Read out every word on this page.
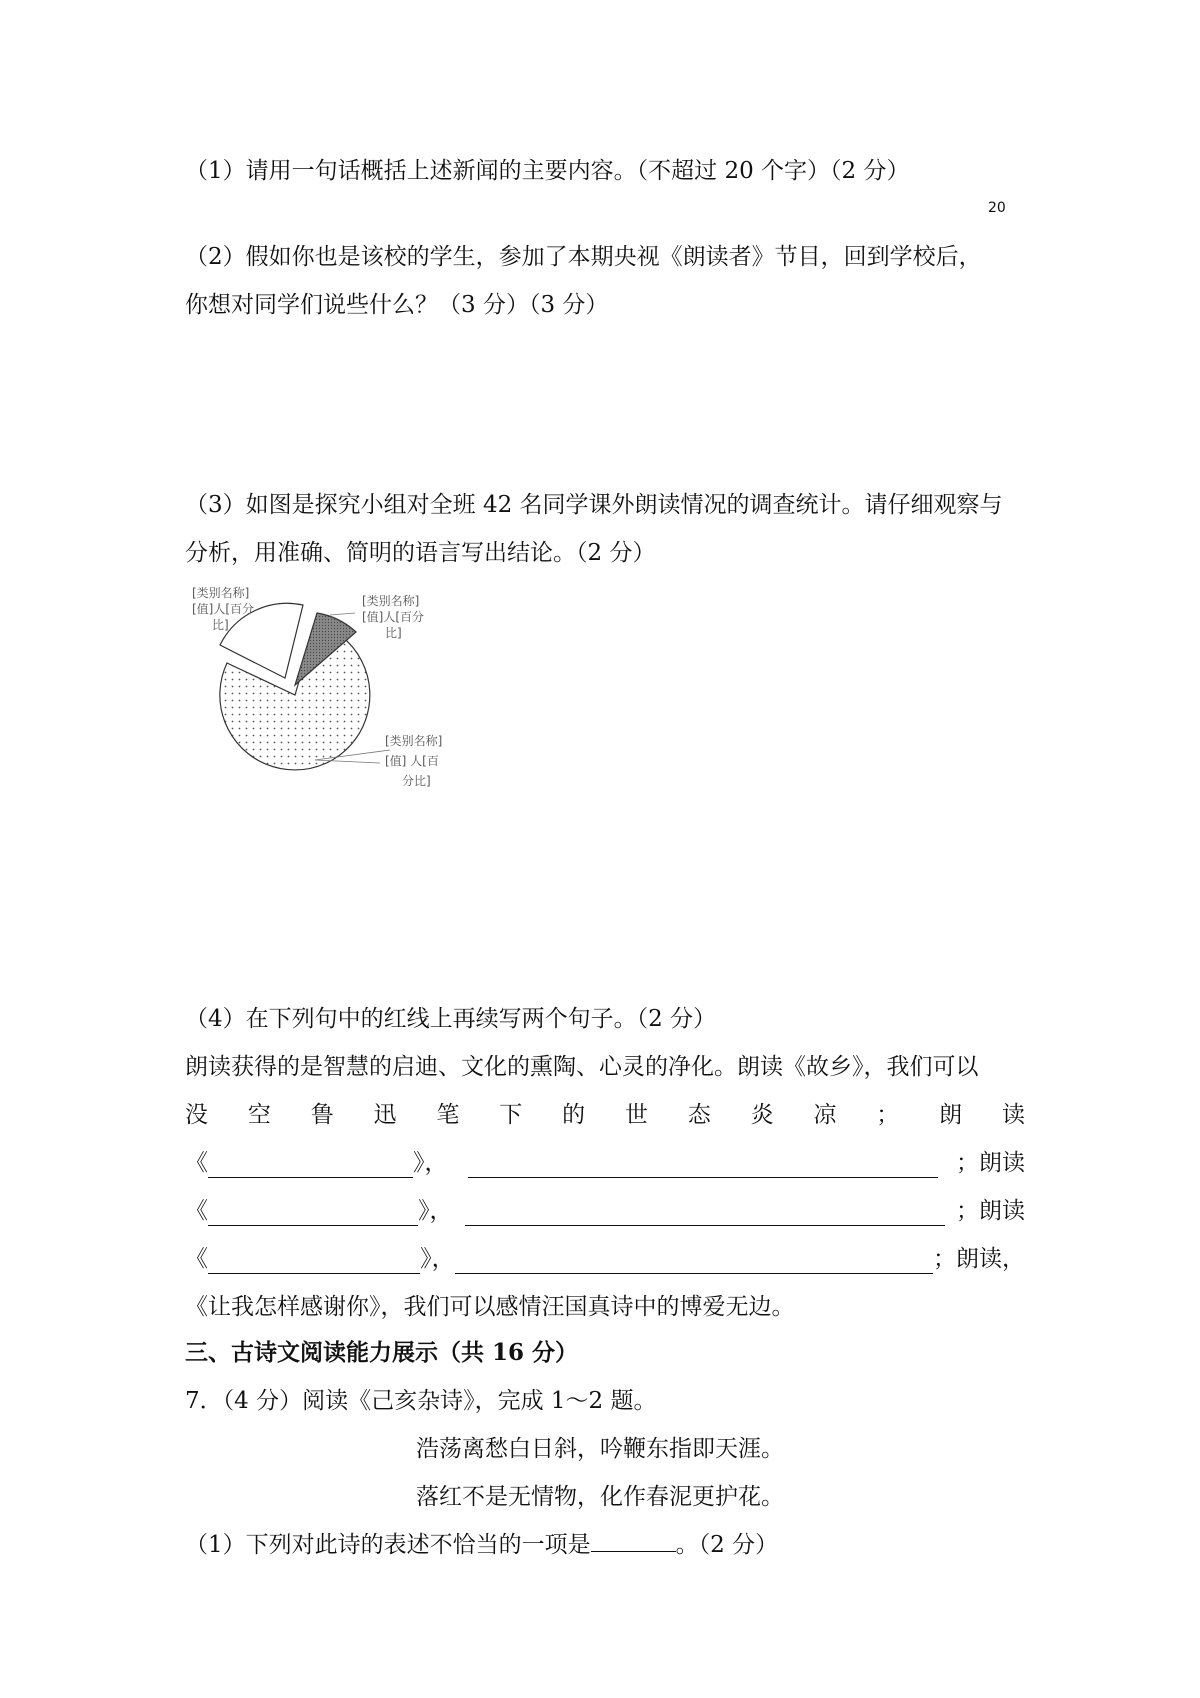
（1）请用一句话概括上述新闻的主要内容。（不超过 20 个字）（2 分）
20
（2）假如你也是该校的学生，参加了本期央视《朗读者》节目，回到学校后，
你想对同学们说些什么？（3 分）（3 分）
（3）如图是探究小组对全班 42 名同学课外朗读情况的调查统计。请仔细观察与
分析，用准确、简明的语言写出结论。（2 分）
[类别名称]
[值]人[百分
比]
[类别名称]
[值]人[百分
比]
[类别名称]
[值] 人[百
分比]
（4）在下列句中的红线上再续写两个句子。（2 分）
朗读获得的是智慧的启迪、文化的熏陶、心灵的净化。朗读《故乡》，我们可以
没 空 鲁 迅 笔 下 的 世 态 炎 凉 ； 朗 读
《	》，	；朗读
《	》，	；朗读
《	》，	；朗读，
《让我怎样感谢你》，我们可以感情汪国真诗中的博爱无边。
三、古诗文阅读能力展示（共 16 分）
7．（4 分）阅读《己亥杂诗》，完成 1～2 题。
浩荡离愁白日斜，吟鞭东指即天涯。
落红不是无情物，化作春泥更护花。
（1）下列对此诗的表述不恰当的一项是	。（2 分）
